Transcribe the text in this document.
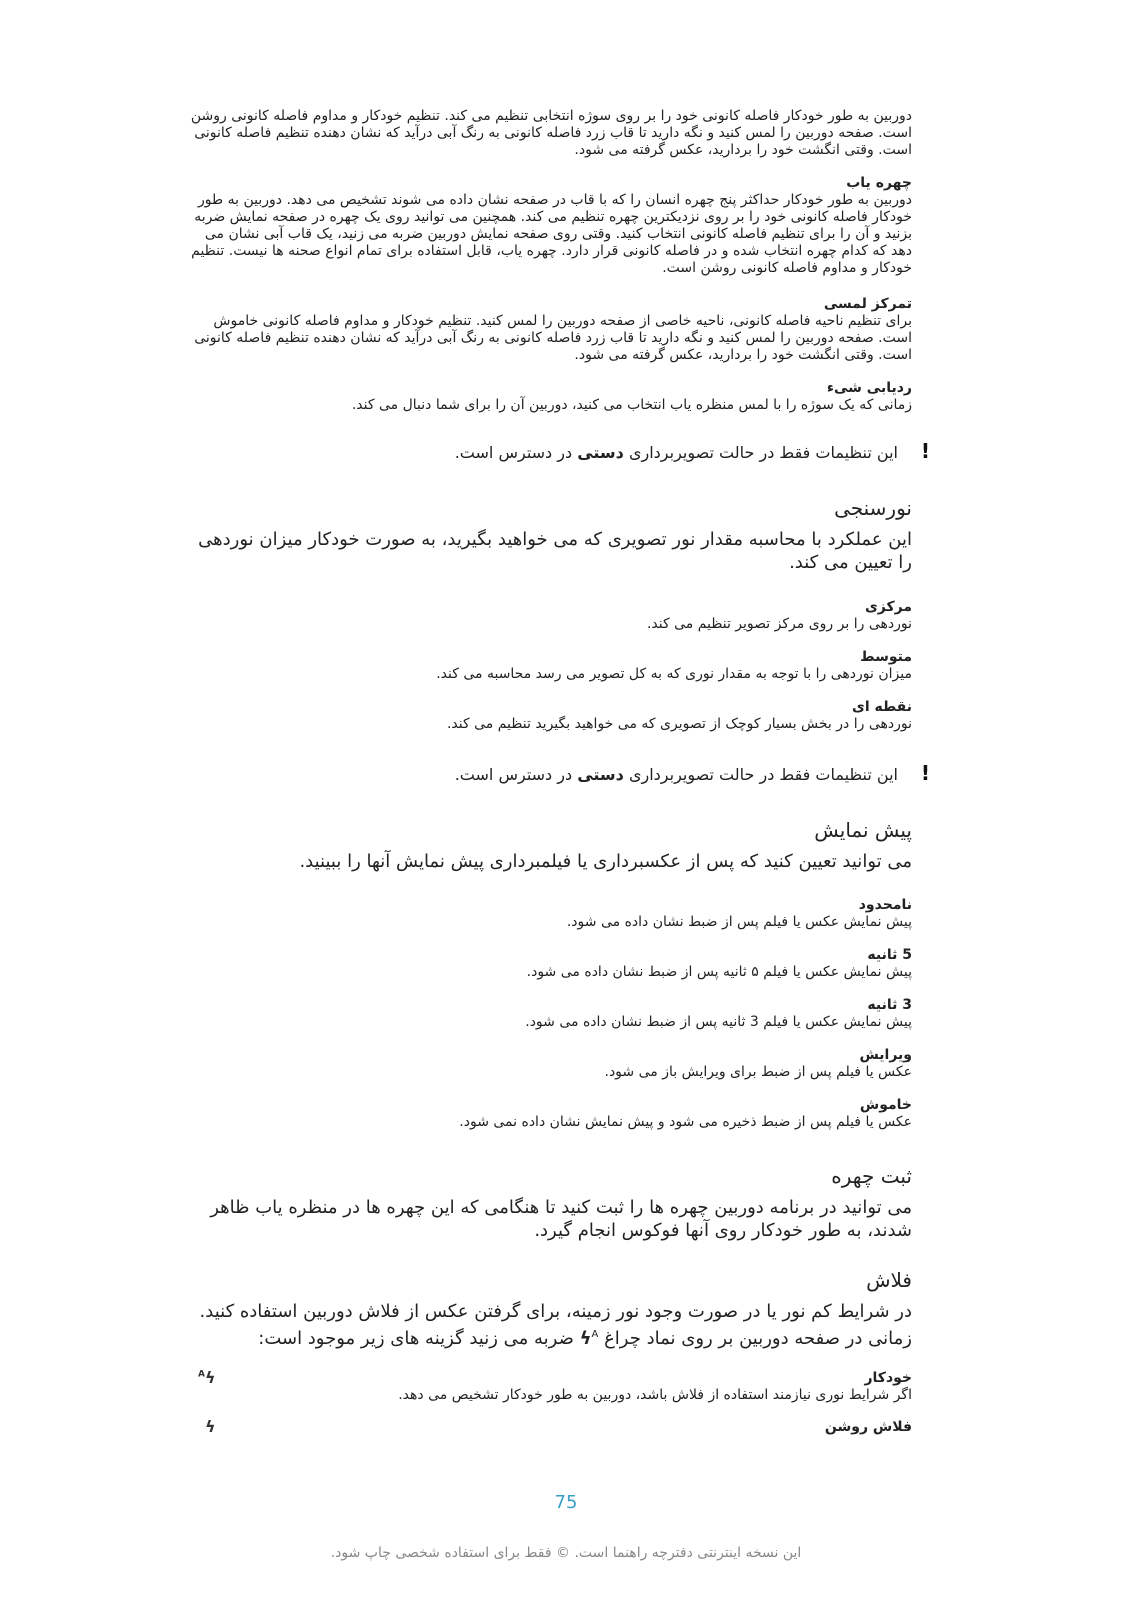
دوربین به طور خودکار فاصله کانونی خود را بر روی سوژه انتخابی تنظیم می کند. تنظیم خودکار و مداوم فاصله کانونی روشن است. صفحه دوربین را لمس کنید و نگه دارید تا قاب زرد فاصله کانونی به رنگ آبی درآید که نشان دهنده تنظیم فاصله کانونی است. وقتی انگشت خود را بردارید، عکس گرفته می شود.

چهره یاب

دوربین به طور خودکار حداکثر پنج چهره انسان را که با قاب در صفحه نشان داده می شوند تشخیص می دهد. دوربین به طور خودکار فاصله کانونی خود را بر روی نزدیکترین چهره تنظیم می کند. همچنین می توانید روی یک چهره در صفحه نمایش ضربه بزنید و آن را برای تنظیم فاصله کانونی انتخاب کنید. وقتی روی صفحه نمایش دوربین ضربه می زنید، یک قاب آبی نشان می دهد که کدام چهره انتخاب شده و در فاصله کانونی قرار دارد. چهره یاب، قابل استفاده برای تمام انواع صحنه ها نیست. تنظیم خودکار و مداوم فاصله کانونی روشن است.

تمرکز لمسی

برای تنظیم ناحیه فاصله کانونی، ناحیه خاصی از صفحه دوربین را لمس کنید. تنظیم خودکار و مداوم فاصله کانونی خاموش است. صفحه دوربین را لمس کنید و نگه دارید تا قاب زرد فاصله کانونی به رنگ آبی درآید که نشان دهنده تنظیم فاصله کانونی است. وقتی انگشت خود را بردارید، عکس گرفته می شود.

ردیابی شیء

زمانی که یک سوژه را با لمس منظره یاب انتخاب می کنید، دوربین آن را برای شما دنبال می کند.

!
این تنظیمات فقط در حالت تصویربرداری دستی در دسترس است.
نورسنجی

این عملکرد با محاسبه مقدار نور تصویری که می خواهید بگیرید، به صورت خودکار میزان نوردهی را تعیین می کند.

مرکزی

نوردهی را بر روی مرکز تصویر تنظیم می کند.

متوسط

میزان نوردهی را با توجه به مقدار نوری که به کل تصویر می رسد محاسبه می کند.

نقطه ای

نوردهی را در بخش بسیار کوچک از تصویری که می خواهید بگیرید تنظیم می کند.

!
این تنظیمات فقط در حالت تصویربرداری دستی در دسترس است.
پیش نمایش

می توانید تعیین کنید که پس از عکسبرداری یا فیلمبرداری پیش نمایش آنها را ببینید.

نامحدود

پیش نمایش عکس یا فیلم پس از ضبط نشان داده می شود.

5 ثانیه

پیش نمایش عکس یا فیلم ۵ ثانیه پس از ضبط نشان داده می شود.

3 ثانیه

پیش نمایش عکس یا فیلم 3 ثانیه پس از ضبط نشان داده می شود.

ویرایش

عکس یا فیلم پس از ضبط برای ویرایش باز می شود.

خاموش

عکس یا فیلم پس از ضبط ذخیره می شود و پیش نمایش نشان داده نمی شود.

ثبت چهره

می توانید در برنامه دوربین چهره ها را ثبت کنید تا هنگامی که این چهره ها در منظره یاب ظاهر شدند، به طور خودکار روی آنها فوکوس انجام گیرد.

فلاش

در شرایط کم نور یا در صورت وجود نور زمینه، برای گرفتن عکس از فلاش دوربین استفاده کنید.

زمانی در صفحه دوربین بر روی نماد چراغ $ϟ^A$ ضربه می زنید گزینه های زیر موجود است:

خودکار

اگر شرایط نوری نیازمند استفاده از فلاش باشد، دوربین به طور خودکار تشخیص می دهد.

$^A$ϟ

فلاش روشن

ϟ
75
این نسخه اینترنتی دفترچه راهنما است. © فقط برای استفاده شخصی چاپ شود.
